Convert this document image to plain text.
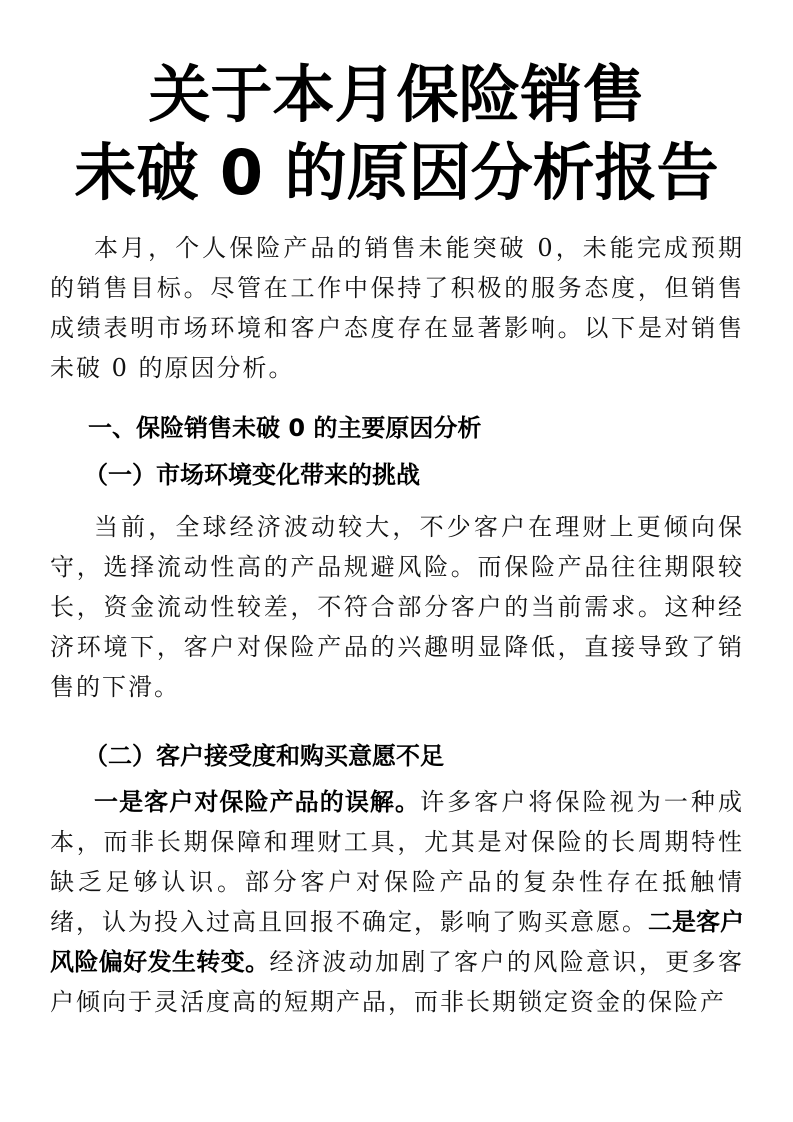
关于本月保险销售
未破 0 的原因分析报告

本月，个人保险产品的销售未能突破 0，未能完成预期的销售目标。尽管在工作中保持了积极的服务态度，但销售成绩表明市场环境和客户态度存在显著影响。以下是对销售未破 0 的原因分析。

一、保险销售未破 0 的主要原因分析
（一）市场环境变化带来的挑战

当前，全球经济波动较大，不少客户在理财上更倾向保守，选择流动性高的产品规避风险。而保险产品往往期限较长，资金流动性较差，不符合部分客户的当前需求。这种经济环境下，客户对保险产品的兴趣明显降低，直接导致了销售的下滑。

（二）客户接受度和购买意愿不足

一是客户对保险产品的误解。许多客户将保险视为一种成本，而非长期保障和理财工具，尤其是对保险的长周期特性缺乏足够认识。部分客户对保险产品的复杂性存在抵触情绪，认为投入过高且回报不确定，影响了购买意愿。二是客户风险偏好发生转变。经济波动加剧了客户的风险意识，更多客户倾向于灵活度高的短期产品，而非长期锁定资金的保险产
